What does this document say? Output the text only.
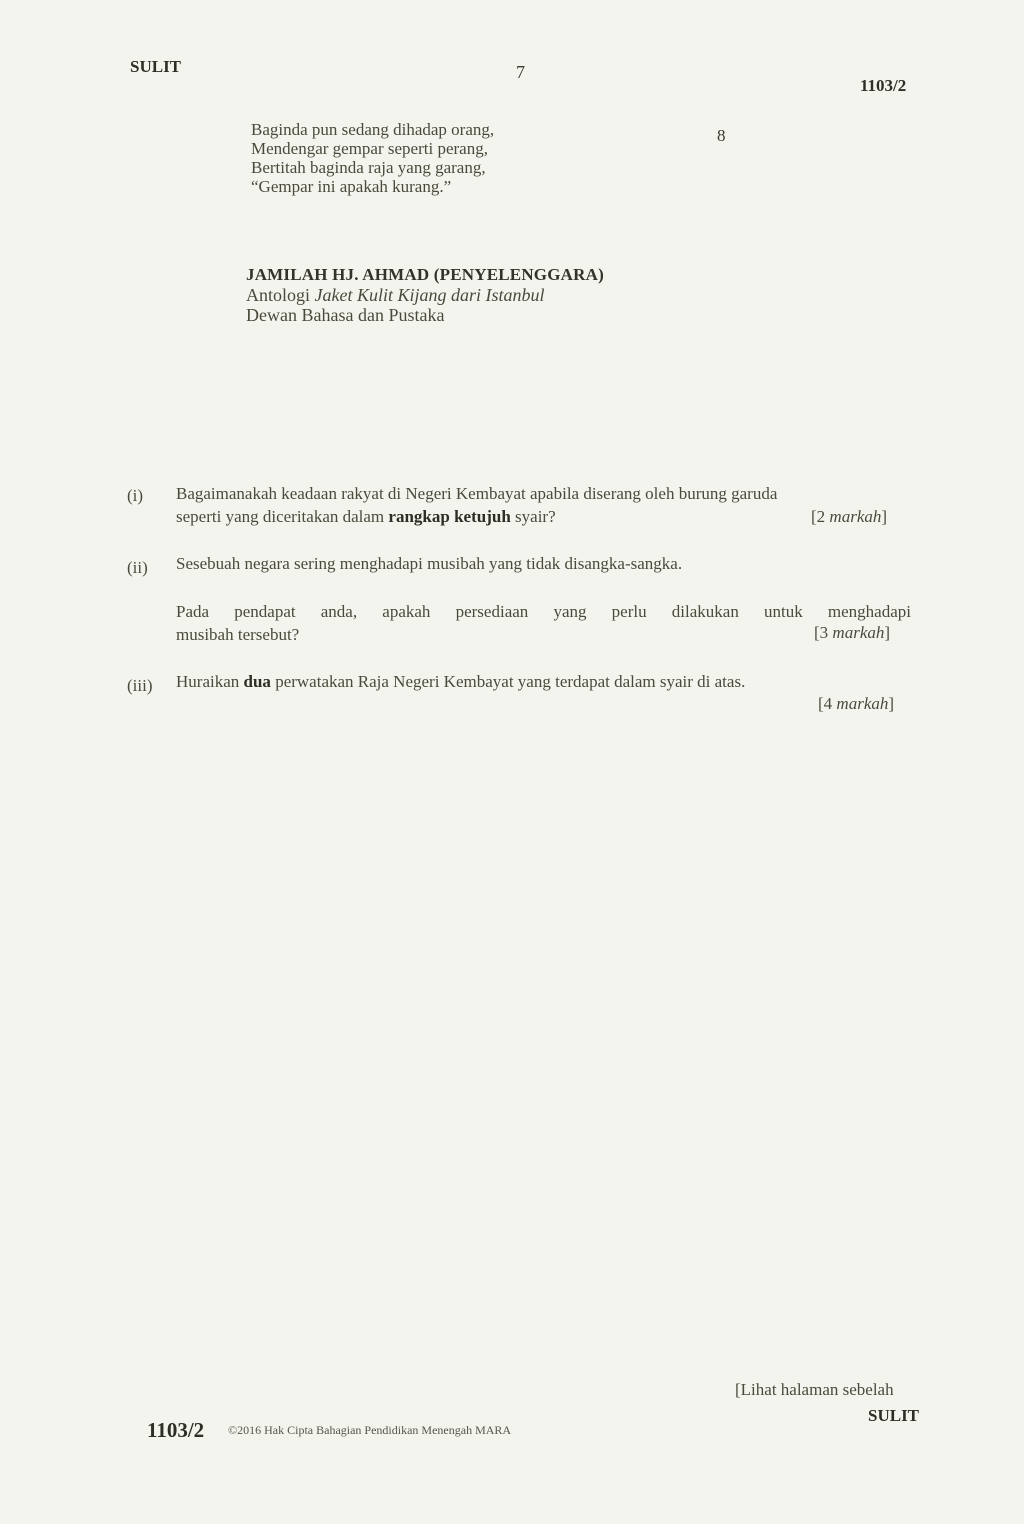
SULIT	7
1103/2
Baginda pun sedang dihadap orang,
Mendengar gempar seperti perang,
Bertitah baginda raja yang garang,
“Gempar ini apakah kurang.”
8
JAMILAH HJ. AHMAD (PENYELENGGARA)
Antologi Jaket Kulit Kijang dari Istanbul
Dewan Bahasa dan Pustaka
(i) Bagaimanakah keadaan rakyat di Negeri Kembayat apabila diserang oleh burung garuda
seperti yang diceritakan dalam rangkap ketujuh syair?	[2 markah]
(ii) Sesebuah negara sering menghadapi musibah yang tidak disangka-sangka.
Pada pendapat anda, apakah persediaan yang perlu dilakukan untuk menghadapi
musibah tersebut?	[3 markah]
(iii) Huraikan dua perwatakan Raja Negeri Kembayat yang terdapat dalam syair di atas.
[4 markah]
1103/2 ©2016 Hak Cipta Bahagian Pendidikan Menengah MARA
[Lihat halaman sebelah
SULIT
